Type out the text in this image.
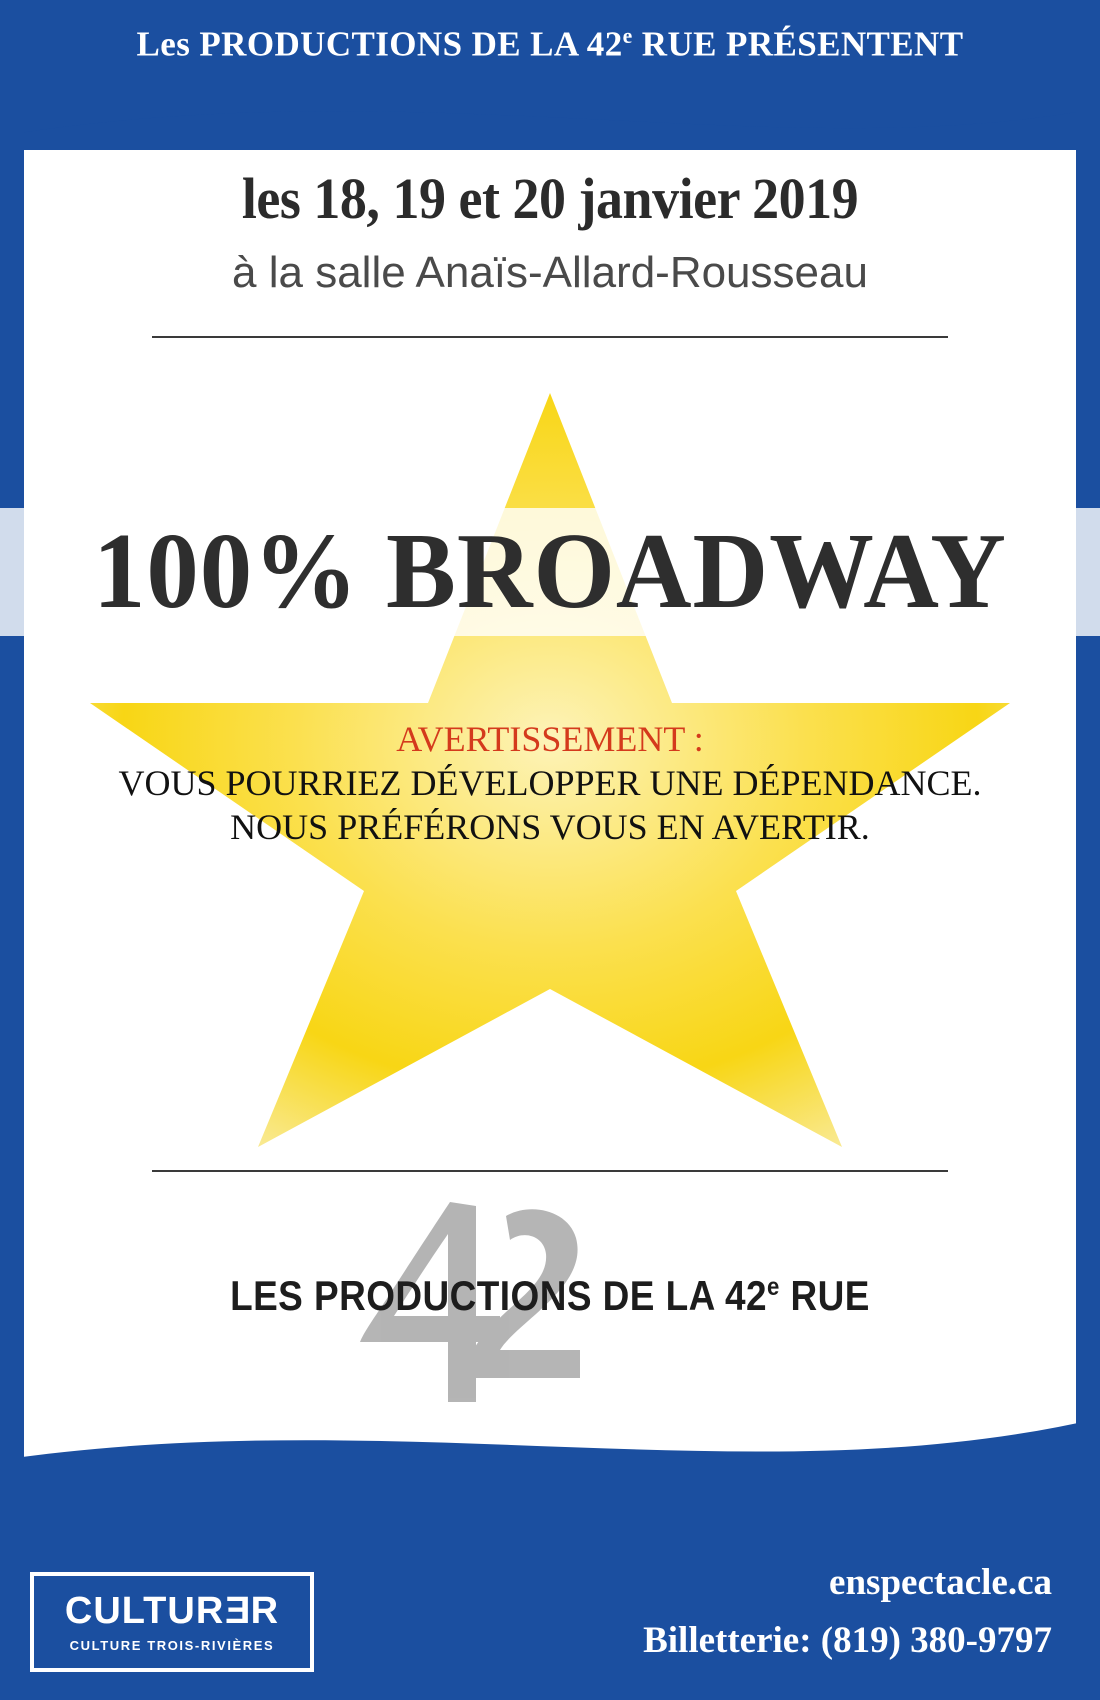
Les PRODUCTIONS DE LA 42e RUE PRÉSENTENT
les 18, 19 et 20 janvier 2019
à la salle Anaïs-Allard-Rousseau
100% BROADWAY
AVERTISSEMENT :
VOUS POURRIEZ DÉVELOPPER UNE DÉPENDANCE.
NOUS PRÉFÉRONS VOUS EN AVERTIR.
LES PRODUCTIONS DE LA 42e RUE
CULTURER
CULTURE TROIS-RIVIÈRES
enspectacle.ca
Billetterie: (819) 380-9797
